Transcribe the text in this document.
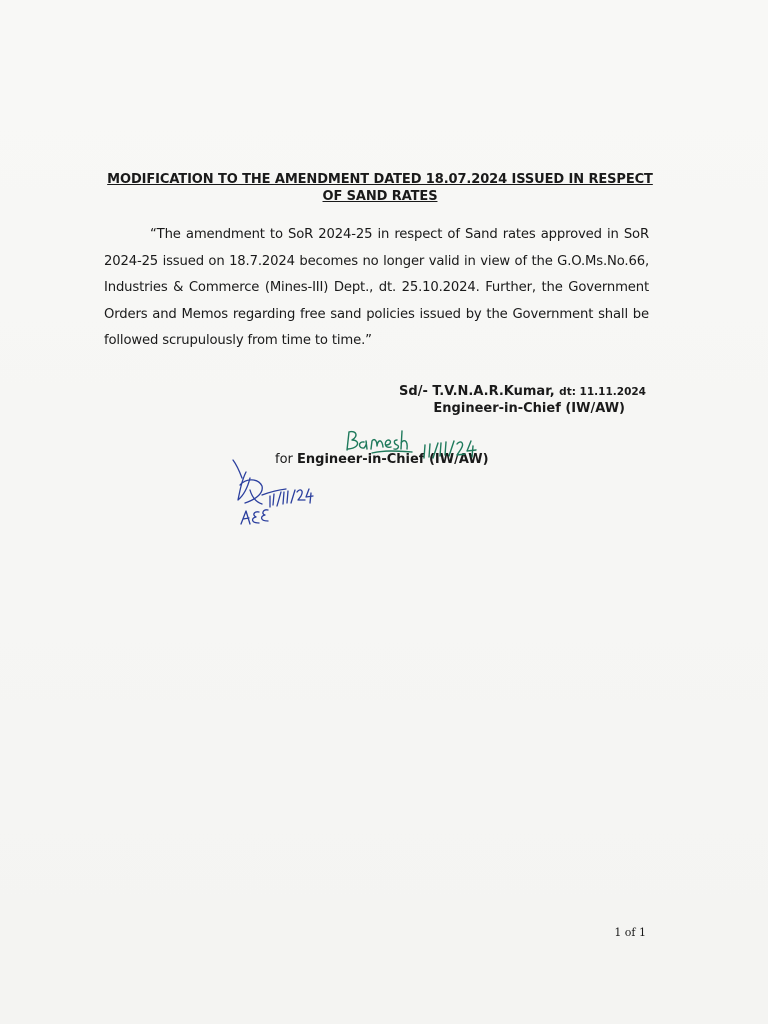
MODIFICATION TO THE AMENDMENT DATED 18.07.2024 ISSUED IN RESPECT OF SAND RATES
“The amendment to SoR 2024-25 in respect of Sand rates approved in SoR 2024-25 issued on 18.7.2024 becomes no longer valid in view of the G.O.Ms.No.66, Industries & Commerce (Mines-III) Dept., dt. 25.10.2024. Further, the Government Orders and Memos regarding free sand policies issued by the Government shall be followed scrupulously from time to time.”
Sd/- T.V.N.A.R.Kumar, dt: 11.11.2024
Engineer-in-Chief (IW/AW)
for Engineer-in-Chief (IW/AW)
1 of 1
